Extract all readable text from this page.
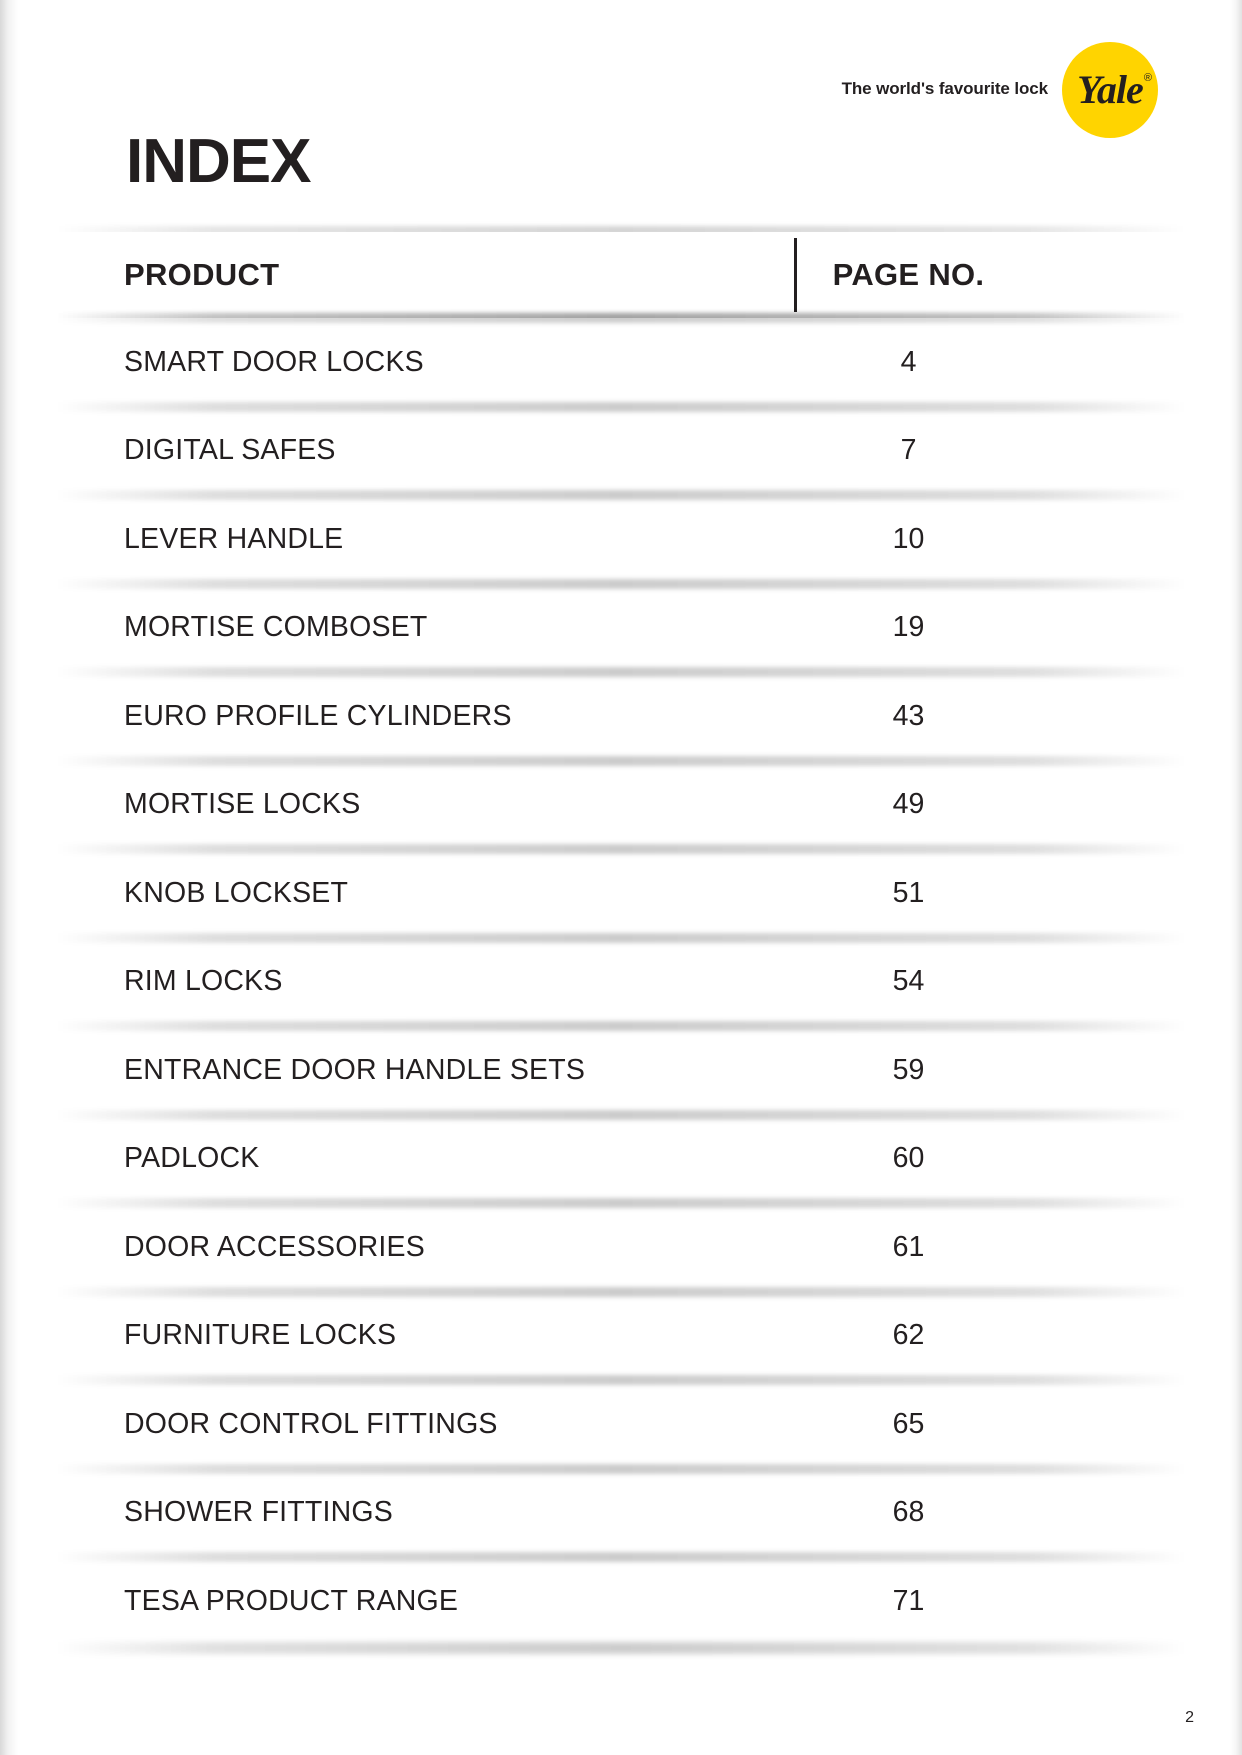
The world's favourite lock Yale ®
INDEX
PRODUCT	PAGE NO.
SMART DOOR LOCKS	4
DIGITAL SAFES	7
LEVER HANDLE	10
MORTISE COMBOSET	19
EURO PROFILE CYLINDERS	43
MORTISE LOCKS	49
KNOB LOCKSET	51
RIM LOCKS	54
ENTRANCE DOOR HANDLE SETS	59
PADLOCK	60
DOOR ACCESSORIES	61
FURNITURE LOCKS	62
DOOR CONTROL FITTINGS	65
SHOWER FITTINGS	68
TESA PRODUCT RANGE	71
2
